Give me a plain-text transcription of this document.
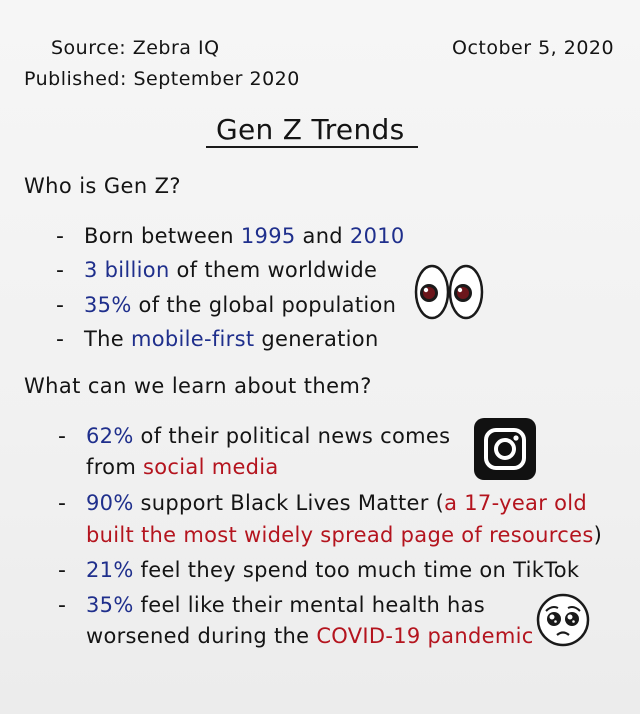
Source: Zebra IQ	October 5, 2020
Published: September 2020
Gen Z Trends
Who is Gen Z?
- Born between 1995 and 2010
- 3 billion of them worldwide
- 35% of the global population
- The mobile-first generation
What can we learn about them?
- 62% of their political news comes
from social media
- 90% support Black Lives Matter (a 17-year old
built the most widely spread page of resources)
- 21% feel they spend too much time on TikTok
- 35% feel like their mental health has
worsened during the COVID-19 pandemic
